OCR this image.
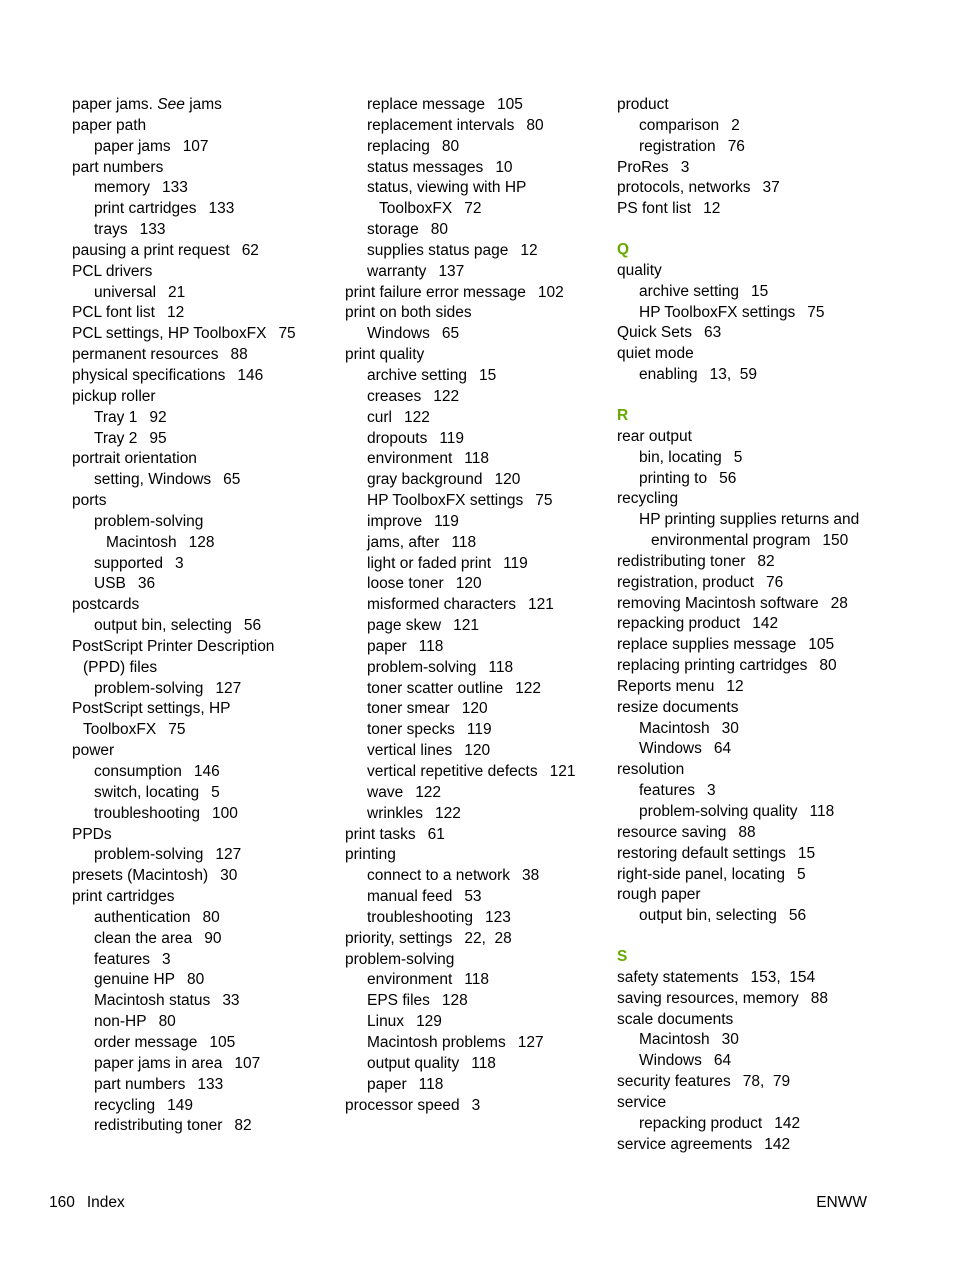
paper jams. See jams
paper path
paper jams 107
part numbers
memory 133
print cartridges 133
trays 133
pausing a print request 62
PCL drivers
universal 21
PCL font list 12
PCL settings, HP ToolboxFX 75
permanent resources 88
physical specifications 146
pickup roller
Tray 1 92
Tray 2 95
portrait orientation
setting, Windows 65
ports
problem-solving
Macintosh 128
supported 3
USB 36
postcards
output bin, selecting 56
PostScript Printer Description
(PPD) files
problem-solving 127
PostScript settings, HP
ToolboxFX 75
power
consumption 146
switch, locating 5
troubleshooting 100
PPDs
problem-solving 127
presets (Macintosh) 30
print cartridges
authentication 80
clean the area 90
features 3
genuine HP 80
Macintosh status 33
non-HP 80
order message 105
paper jams in area 107
part numbers 133
recycling 149
redistributing toner 82
replace message 105
replacement intervals 80
replacing 80
status messages 10
status, viewing with HP
ToolboxFX 72
storage 80
supplies status page 12
warranty 137
print failure error message 102
print on both sides
Windows 65
print quality
archive setting 15
creases 122
curl 122
dropouts 119
environment 118
gray background 120
HP ToolboxFX settings 75
improve 119
jams, after 118
light or faded print 119
loose toner 120
misformed characters 121
page skew 121
paper 118
problem-solving 118
toner scatter outline 122
toner smear 120
toner specks 119
vertical lines 120
vertical repetitive defects 121
wave 122
wrinkles 122
print tasks 61
printing
connect to a network 38
manual feed 53
troubleshooting 123
priority, settings 22,  28
problem-solving
environment 118
EPS files 128
Linux 129
Macintosh problems 127
output quality 118
paper 118
processor speed 3
product
comparison 2
registration 76
ProRes 3
protocols, networks 37
PS font list 12
Q
quality
archive setting 15
HP ToolboxFX settings 75
Quick Sets 63
quiet mode
enabling 13,  59
R
rear output
bin, locating 5
printing to 56
recycling
HP printing supplies returns and
environmental program 150
redistributing toner 82
registration, product 76
removing Macintosh software 28
repacking product 142
replace supplies message 105
replacing printing cartridges 80
Reports menu 12
resize documents
Macintosh 30
Windows 64
resolution
features 3
problem-solving quality 118
resource saving 88
restoring default settings 15
right-side panel, locating 5
rough paper
output bin, selecting 56
S
safety statements 153,  154
saving resources, memory 88
scale documents
Macintosh 30
Windows 64
security features 78,  79
service
repacking product 142
service agreements 142
160 Index	ENWW
